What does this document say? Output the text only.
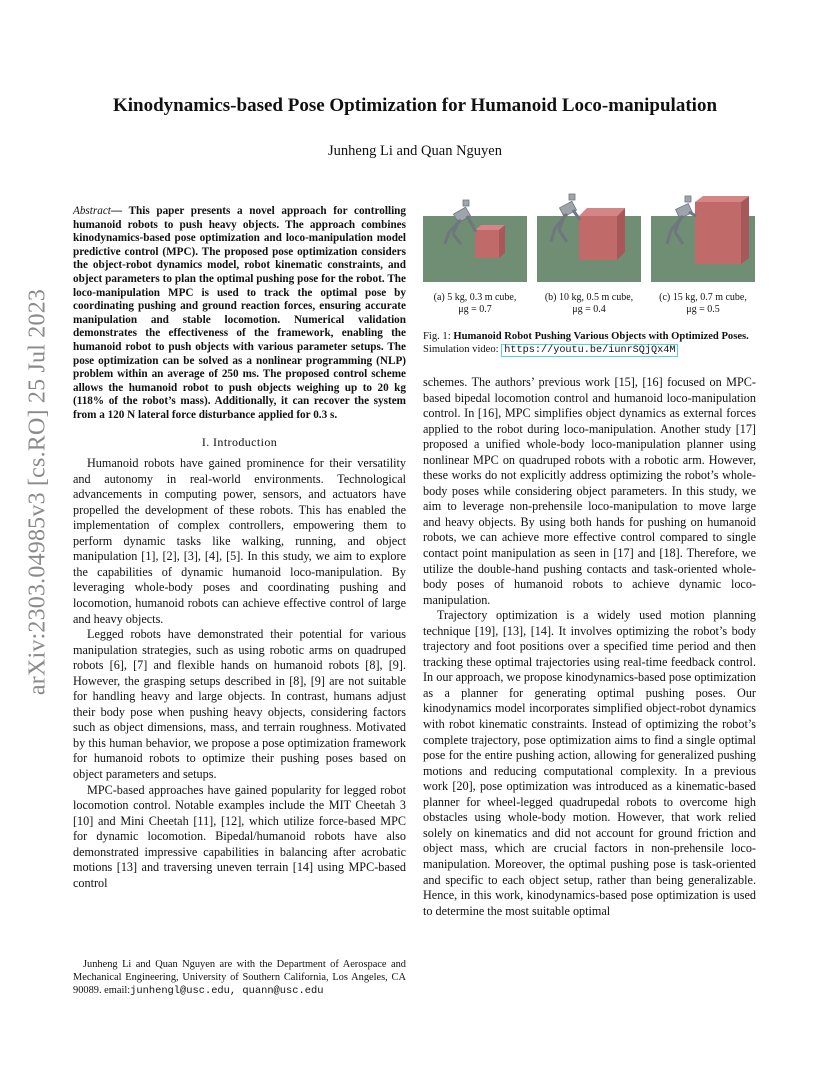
arXiv:2303.04985v3 [cs.RO] 25 Jul 2023
Kinodynamics-based Pose Optimization for Humanoid Loco-manipulation

Junheng Li and Quan Nguyen

Abstract— This paper presents a novel approach for controlling humanoid robots to push heavy objects. The approach combines kinodynamics-based pose optimization and loco-manipulation model predictive control (MPC). The proposed pose optimization considers the object-robot dynamics model, robot kinematic constraints, and object parameters to plan the optimal pushing pose for the robot. The loco-manipulation MPC is used to track the optimal pose by coordinating pushing and ground reaction forces, ensuring accurate manipulation and stable locomotion. Numerical validation demonstrates the effectiveness of the framework, enabling the humanoid robot to push objects with various parameter setups. The pose optimization can be solved as a nonlinear programming (NLP) problem within an average of 250 ms. The proposed control scheme allows the humanoid robot to push objects weighing up to 20 kg (118% of the robot’s mass). Additionally, it can recover the system from a 120 N lateral force disturbance applied for 0.3 s.

I. Introduction

Humanoid robots have gained prominence for their versatility and autonomy in real-world environments. Technological advancements in computing power, sensors, and actuators have propelled the development of these robots. This has enabled the implementation of complex controllers, empowering them to perform dynamic tasks like walking, running, and object manipulation [1], [2], [3], [4], [5]. In this study, we aim to explore the capabilities of dynamic humanoid loco-manipulation. By leveraging whole-body poses and coordinating pushing and locomotion, humanoid robots can achieve effective control of large and heavy objects.

Legged robots have demonstrated their potential for various manipulation strategies, such as using robotic arms on quadruped robots [6], [7] and flexible hands on humanoid robots [8], [9]. However, the grasping setups described in [8], [9] are not suitable for handling heavy and large objects. In contrast, humans adjust their body pose when pushing heavy objects, considering factors such as object dimensions, mass, and terrain roughness. Motivated by this human behavior, we propose a pose optimization framework for humanoid robots to optimize their pushing poses based on object parameters and setups.

MPC-based approaches have gained popularity for legged robot locomotion control. Notable examples include the MIT Cheetah 3 [10] and Mini Cheetah [11], [12], which utilize force-based MPC for dynamic locomotion. Bipedal/humanoid robots have also demonstrated impressive capabilities in balancing after acrobatic motions [13] and traversing uneven terrain [14] using MPC-based control

Junheng Li and Quan Nguyen are with the Department of Aerospace and Mechanical Engineering, University of Southern California, Los Angeles, CA 90089. email:junhengl@usc.edu, quann@usc.edu

(a) 5 kg, 0.3 m cube,
μg = 0.7
(b) 10 kg, 0.5 m cube,
μg = 0.4
(c) 15 kg, 0.7 m cube,
μg = 0.5
Fig. 1: Humanoid Robot Pushing Various Objects with Optimized Poses.
Simulation video: https://youtu.be/iunrSQjQx4M

schemes. The authors’ previous work [15], [16] focused on MPC-based bipedal locomotion control and humanoid loco-manipulation control. In [16], MPC simplifies object dynamics as external forces applied to the robot during loco-manipulation. Another study [17] proposed a unified whole-body loco-manipulation planner using nonlinear MPC on quadruped robots with a robotic arm. However, these works do not explicitly address optimizing the robot’s whole-body poses while considering object parameters. In this study, we aim to leverage non-prehensile loco-manipulation to move large and heavy objects. By using both hands for pushing on humanoid robots, we can achieve more effective control compared to single contact point manipulation as seen in [17] and [18]. Therefore, we utilize the double-hand pushing contacts and task-oriented whole-body poses of humanoid robots to achieve dynamic loco-manipulation.

Trajectory optimization is a widely used motion planning technique [19], [13], [14]. It involves optimizing the robot’s body trajectory and foot positions over a specified time period and then tracking these optimal trajectories using real-time feedback control. In our approach, we propose kinodynamics-based pose optimization as a planner for generating optimal pushing poses. Our kinodynamics model incorporates simplified object-robot dynamics with robot kinematic constraints. Instead of optimizing the robot’s complete trajectory, pose optimization aims to find a single optimal pose for the entire pushing action, allowing for generalized pushing motions and reducing computational complexity. In a previous work [20], pose optimization was introduced as a kinematic-based planner for wheel-legged quadrupedal robots to overcome high obstacles using whole-body motion. However, that work relied solely on kinematics and did not account for ground friction and object mass, which are crucial factors in non-prehensile loco-manipulation. Moreover, the optimal pushing pose is task-oriented and specific to each object setup, rather than being generalizable. Hence, in this work, kinodynamics-based pose optimization is used to determine the most suitable optimal
